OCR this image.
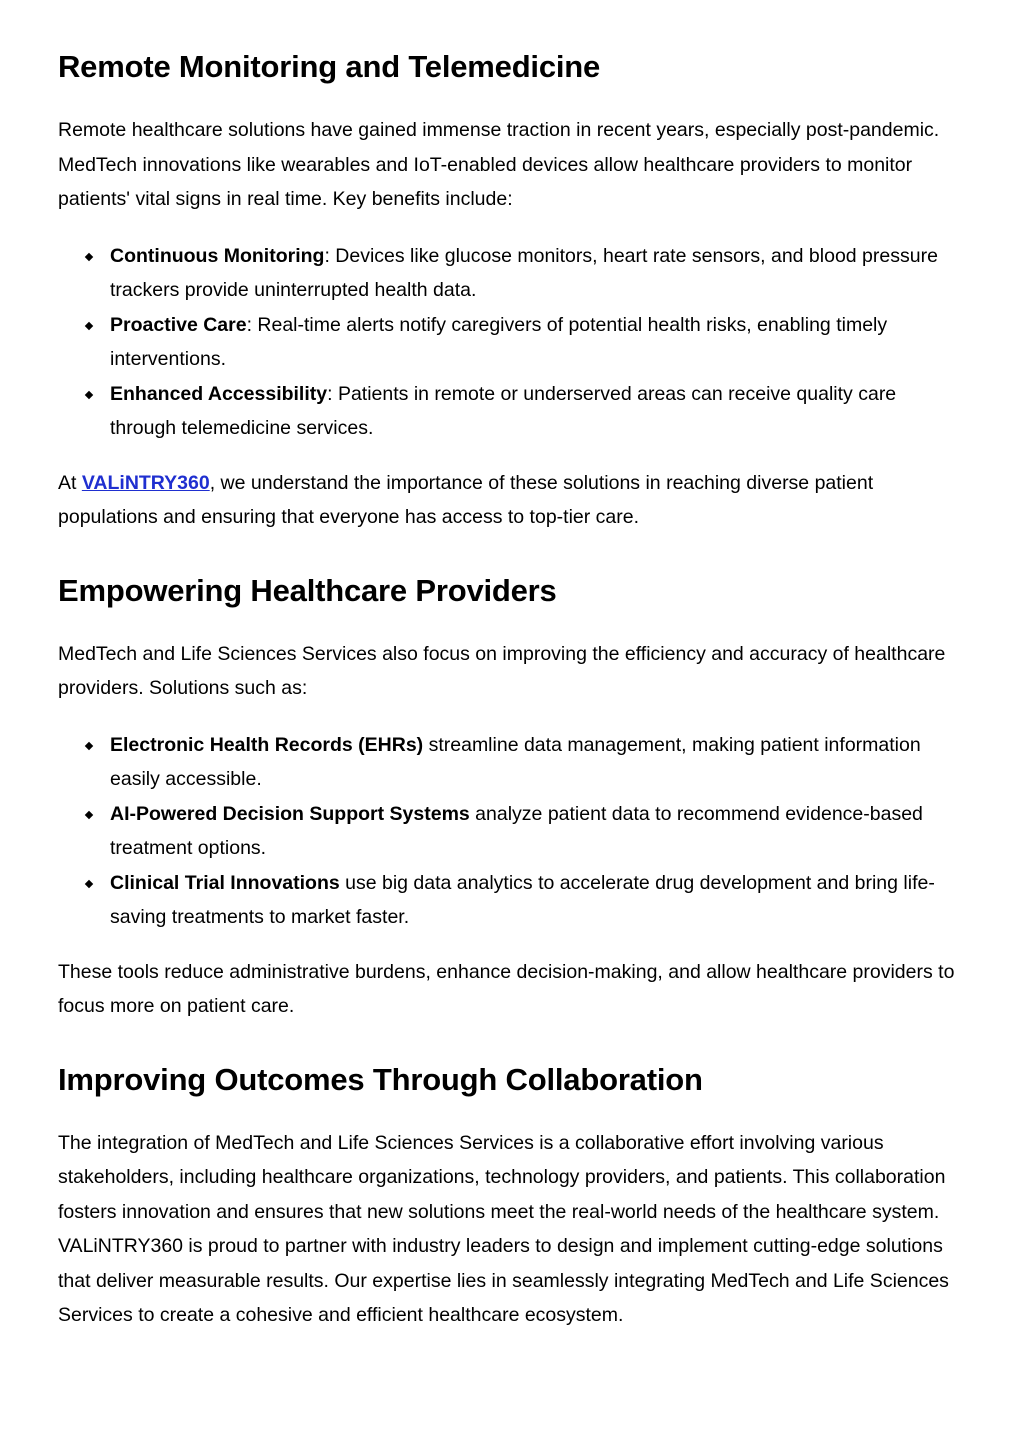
Remote Monitoring and Telemedicine

Remote healthcare solutions have gained immense traction in recent years, especially post-pandemic. MedTech innovations like wearables and IoT-enabled devices allow healthcare providers to monitor patients' vital signs in real time. Key benefits include:

Continuous Monitoring: Devices like glucose monitors, heart rate sensors, and blood pressure trackers provide uninterrupted health data.
Proactive Care: Real-time alerts notify caregivers of potential health risks, enabling timely interventions.
Enhanced Accessibility: Patients in remote or underserved areas can receive quality care through telemedicine services.

At VALiNTRY360, we understand the importance of these solutions in reaching diverse patient populations and ensuring that everyone has access to top-tier care.

Empowering Healthcare Providers

MedTech and Life Sciences Services also focus on improving the efficiency and accuracy of healthcare providers. Solutions such as:

Electronic Health Records (EHRs) streamline data management, making patient information easily accessible.
AI-Powered Decision Support Systems analyze patient data to recommend evidence-based treatment options.
Clinical Trial Innovations use big data analytics to accelerate drug development and bring life-saving treatments to market faster.

These tools reduce administrative burdens, enhance decision-making, and allow healthcare providers to focus more on patient care.

Improving Outcomes Through Collaboration

The integration of MedTech and Life Sciences Services is a collaborative effort involving various stakeholders, including healthcare organizations, technology providers, and patients. This collaboration fosters innovation and ensures that new solutions meet the real-world needs of the healthcare system.

VALiNTRY360 is proud to partner with industry leaders to design and implement cutting-edge solutions that deliver measurable results. Our expertise lies in seamlessly integrating MedTech and Life Sciences Services to create a cohesive and efficient healthcare ecosystem.
